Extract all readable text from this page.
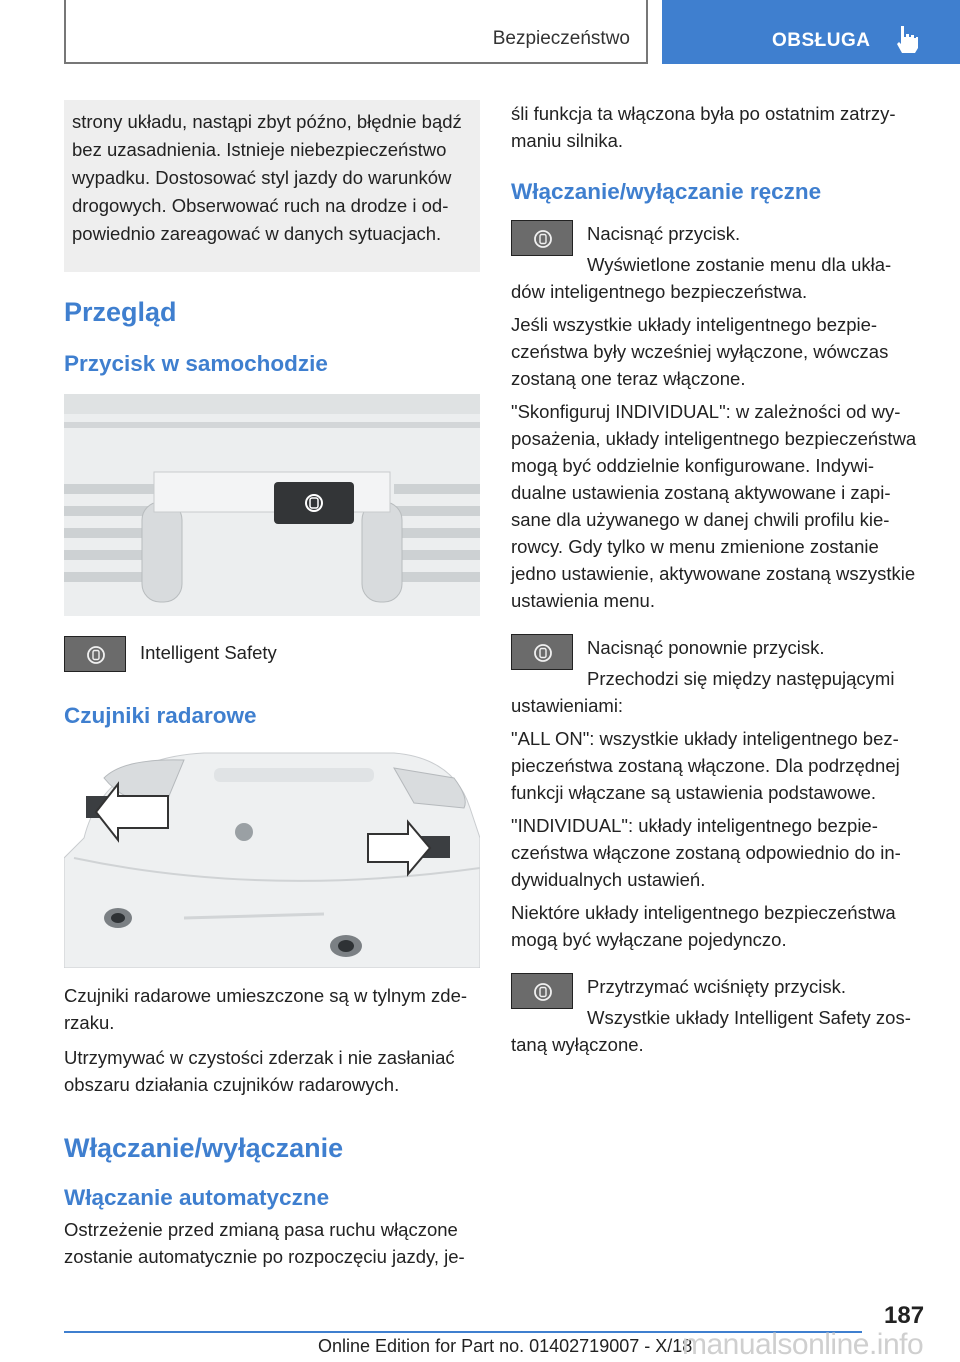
Bezpieczeństwo	OBSŁUGA
strony układu, nastąpi zbyt późno, błędnie bądź
bez uzasadnienia. Istnieje niebezpieczeństwo
wypadku. Dostosować styl jazdy do warunków
drogowych. Obserwować ruch na drodze i od-
powiednio zareagować w danych sytuacjach.
Przegląd
Przycisk w samochodzie
Intelligent Safety
Czujniki radarowe

Czujniki radarowe umieszczone są w tylnym zde-

rzaku.

Utrzymywać w czystości zderzak i nie zasłaniać

obszaru działania czujników radarowych.

Włączanie/wyłączanie
Włączanie automatyczne

Ostrzeżenie przed zmianą pasa ruchu włączone

zostanie automatycznie po rozpoczęciu jazdy, je-

śli funkcja ta włączona była po ostatnim zatrzy-

maniu silnika.

Włączanie/wyłączanie ręczne

Nacisnąć przycisk.

Wyświetlone zostanie menu dla ukła-

dów inteligentnego bezpieczeństwa.

Jeśli wszystkie układy inteligentnego bezpie-

czeństwa były wcześniej wyłączone, wówczas

zostaną one teraz włączone.

"Skonfiguruj INDIVIDUAL": w zależności od wy-

posażenia, układy inteligentnego bezpieczeństwa

mogą być oddzielnie konfigurowane. Indywi-

dualne ustawienia zostaną aktywowane i zapi-

sane dla używanego w danej chwili profilu kie-

rowcy. Gdy tylko w menu zmienione zostanie

jedno ustawienie, aktywowane zostaną wszystkie

ustawienia menu.

Nacisnąć ponownie przycisk.

Przechodzi się między następującymi

ustawieniami:

"ALL ON": wszystkie układy inteligentnego bez-

pieczeństwa zostaną włączone. Dla podrzędnej

funkcji włączane są ustawienia podstawowe.

"INDIVIDUAL": układy inteligentnego bezpie-

czeństwa włączone zostaną odpowiednio do in-

dywidualnych ustawień.

Niektóre układy inteligentnego bezpieczeństwa

mogą być wyłączane pojedynczo.

Przytrzymać wciśnięty przycisk.

Wszystkie układy Intelligent Safety zos-

taną wyłączone.

187
Online Edition for Part no. 01402719007 - X/18
manualsonline.info
